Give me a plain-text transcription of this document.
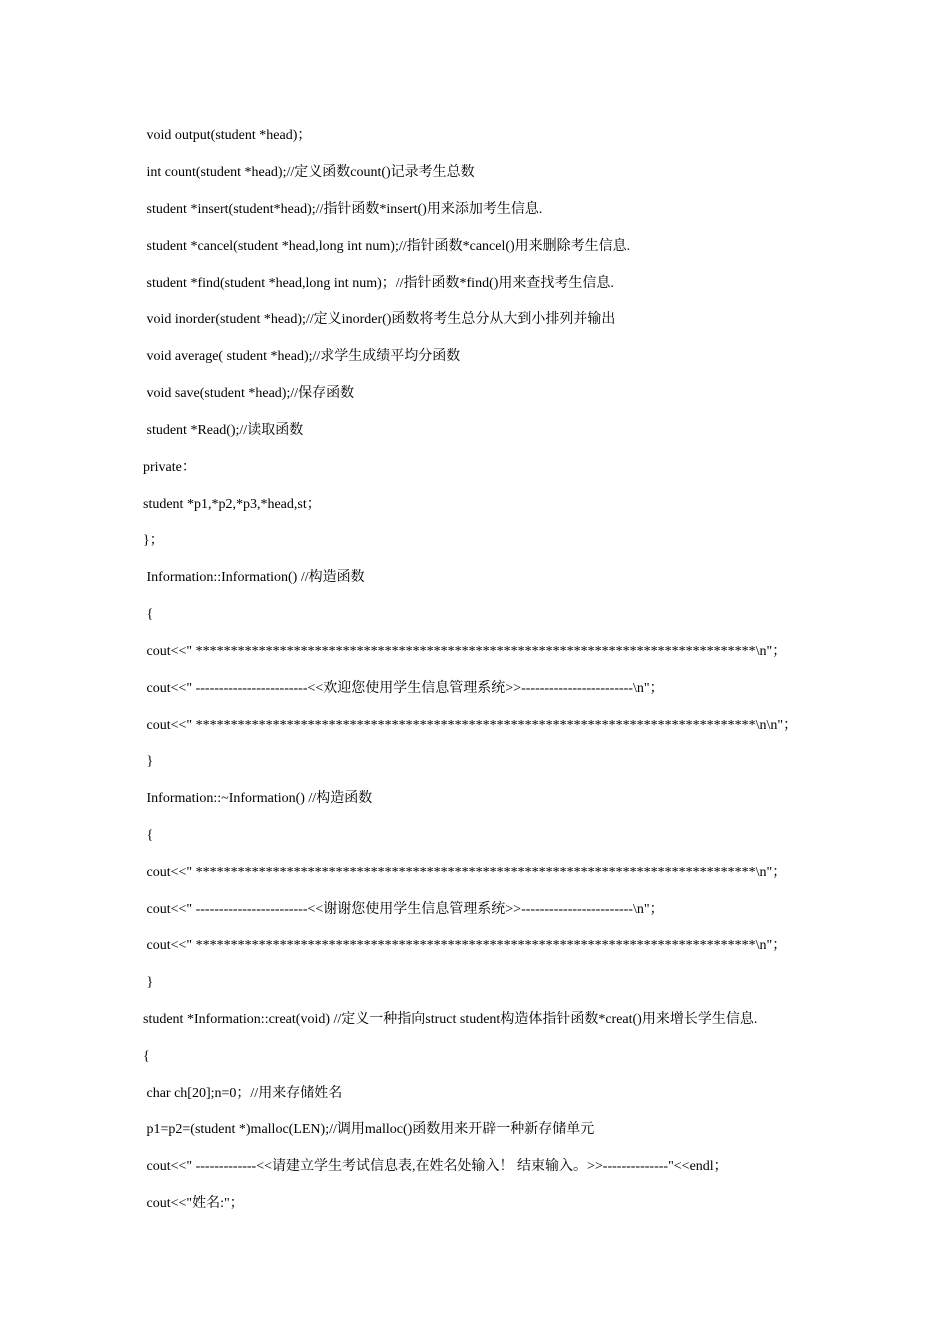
void output(student *head)；
int count(student *head);//定义函数count()记录考生总数
student *insert(student*head);//指针函数*insert()用来添加考生信息.
student *cancel(student *head,long int num);//指针函数*cancel()用来删除考生信息.
student *find(student *head,long int num)；//指针函数*find()用来查找考生信息.
void inorder(student *head);//定义inorder()函数将考生总分从大到小排列并输出
void average( student *head);//求学生成绩平均分函数
void save(student *head);//保存函数
student *Read();//读取函数
private：
student *p1,*p2,*p3,*head,st；
}；
Information::Information() //构造函数
{
cout<<" ********************************************************************************\n"；
cout<<" ------------------------<<欢迎您使用学生信息管理系统>>------------------------\n"；
cout<<" ********************************************************************************\n\n"；
}
Information::~Information() //构造函数
{
cout<<" ********************************************************************************\n"；
cout<<" ------------------------<<谢谢您使用学生信息管理系统>>------------------------\n"；
cout<<" ********************************************************************************\n"；
}
student *Information::creat(void) //定义一种指向struct student构造体指针函数*creat()用来增长学生信息.
{
char ch[20];n=0；//用来存储姓名
p1=p2=(student *)malloc(LEN);//调用malloc()函数用来开辟一种新存储单元
cout<<" -------------<<请建立学生考试信息表,在姓名处输入！ 结束输入。>>--------------"<<endl；
cout<<"姓名:"；
